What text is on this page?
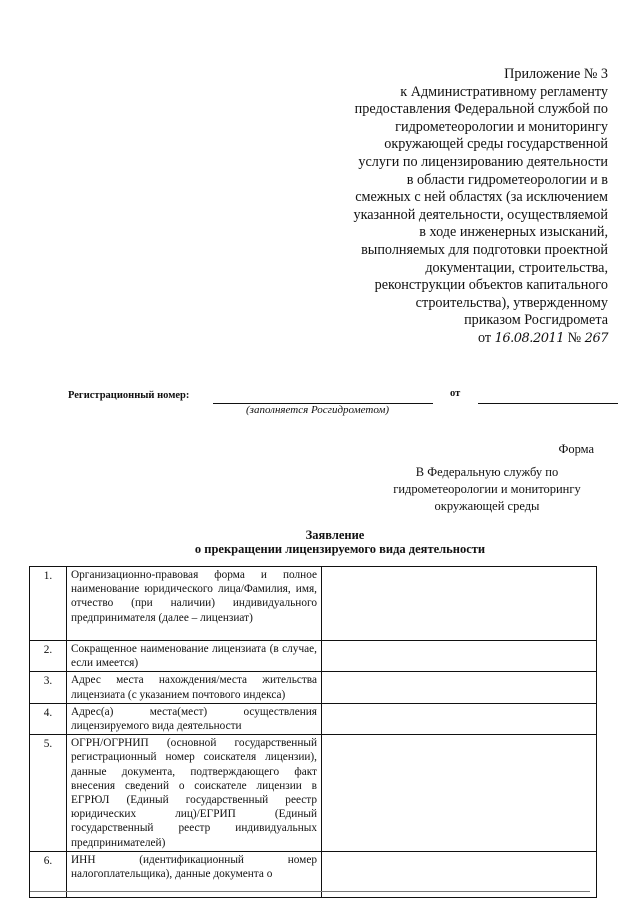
Приложение № 3
к Административному регламенту
предоставления Федеральной службой по
гидрометеорологии и мониторингу
окружающей среды государственной
услуги по лицензированию деятельности
в области гидрометеорологии и в
смежных с ней областях (за исключением
указанной деятельности, осуществляемой
в ходе инженерных изысканий,
выполняемых для подготовки проектной
документации, строительства,
реконструкции объектов капитального
строительства), утвержденному
приказом Росгидромета
от 16.08.2011 № 267
Регистрационный номер:	от
(заполняется Росгидрометом)
Форма
В Федеральную службу по
гидрометеорологии и мониторингу
окружающей среды
Заявление
о прекращении лицензируемого вида деятельности
1.	Организационно-правовая форма и полное наименование юридического лица/Фамилия, имя, отчество (при наличии) индивидуального предпринимателя (далее – лицензиат)	
2.	Сокращенное наименование лицензиата (в случае, если имеется)	
3.	Адрес места нахождения/места жительства лицензиата (с указанием почтового индекса)	
4.	Адрес(а) места(мест) осуществления лицензируемого вида деятельности	
5.	ОГРН/ОГРНИП (основной государственный регистрационный номер соискателя лицензии), данные документа, подтверждающего факт внесения сведений о соискателе лицензии в ЕГРЮЛ (Единый государственный реестр юридических лиц)/ЕГРИП (Единый государственный реестр индивидуальных предпринимателей)	
6.	ИНН (идентификационный номер налогоплательщика), данные документа о	
